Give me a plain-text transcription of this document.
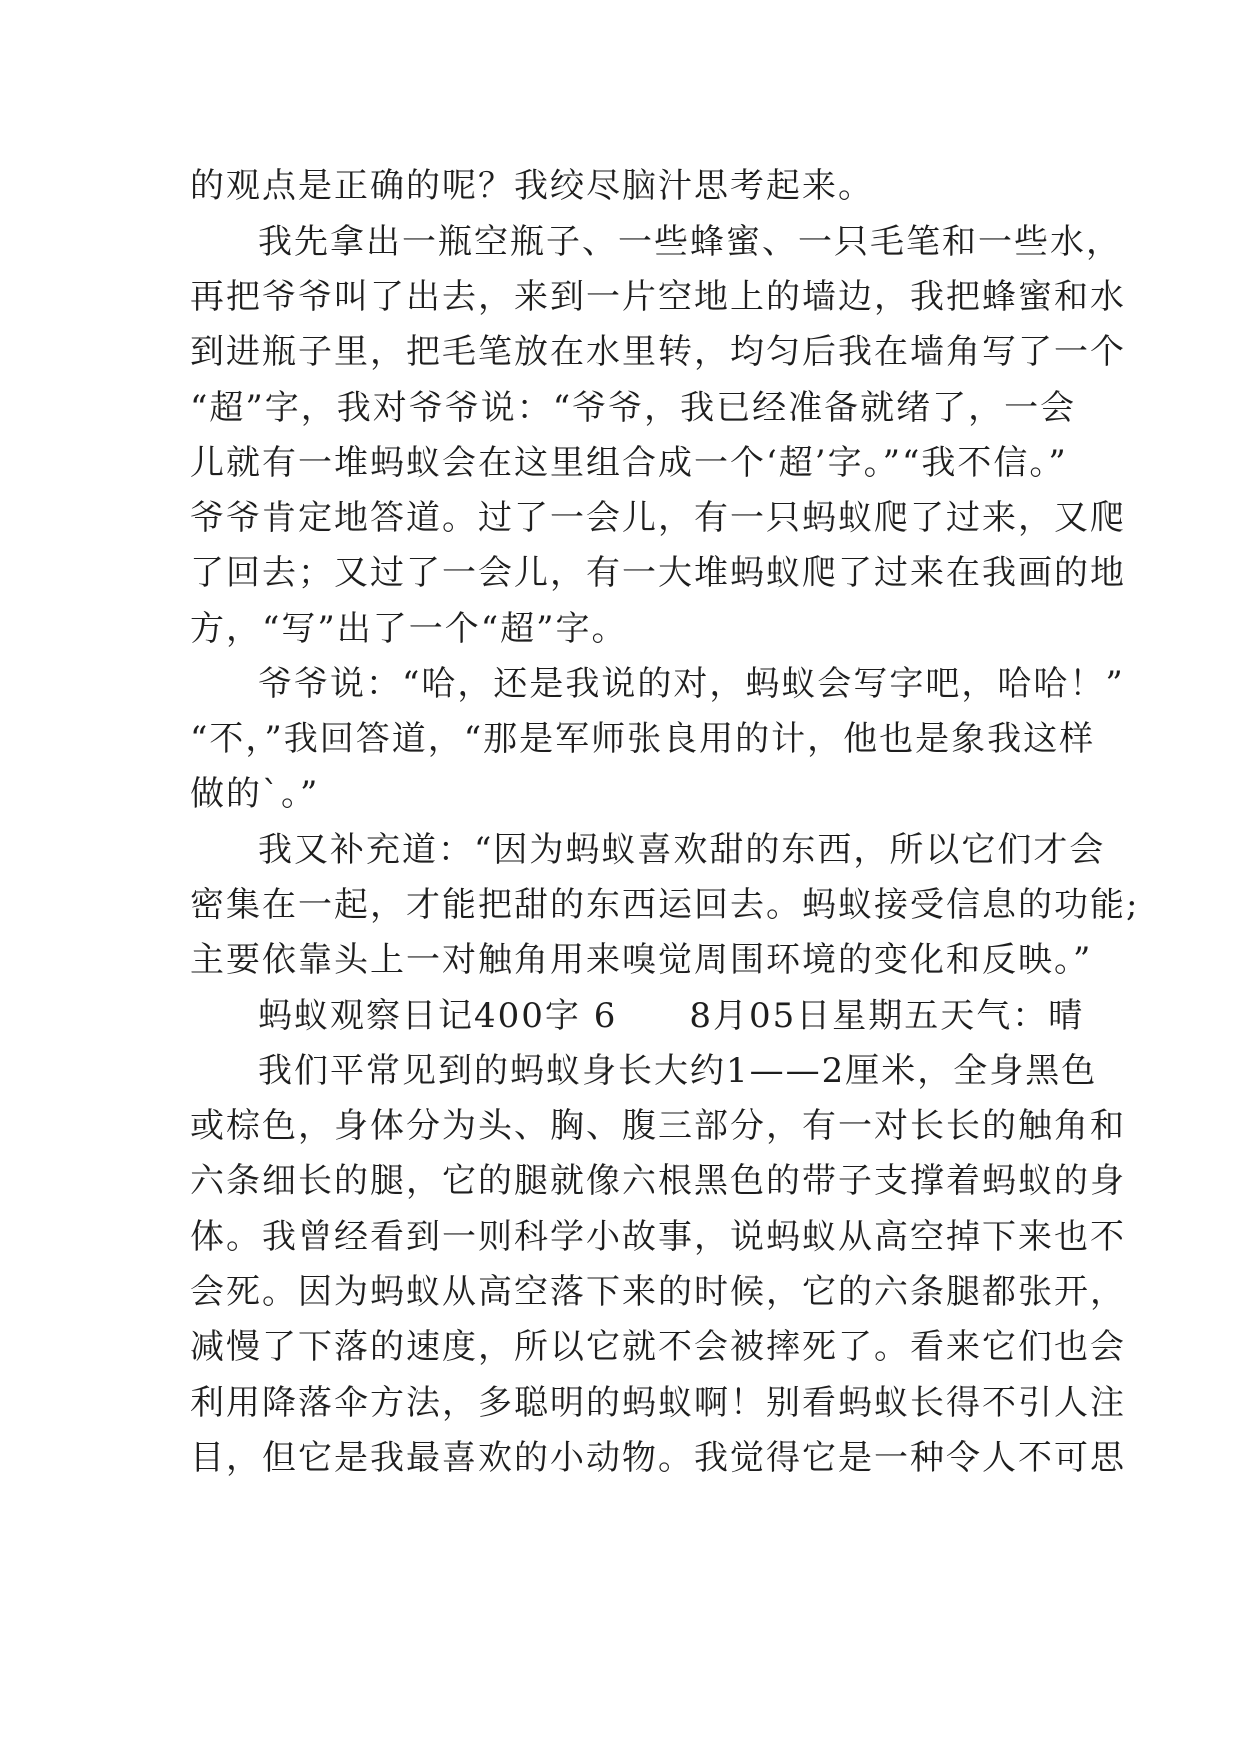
的观点是正确的呢？我绞尽脑汁思考起来。
我先拿出一瓶空瓶子、一些蜂蜜、一只毛笔和一些水，
再把爷爷叫了出去，来到一片空地上的墙边，我把蜂蜜和水
到进瓶子里，把毛笔放在水里转，均匀后我在墙角写了一个
“超”字，我对爷爷说：“爷爷，我已经准备就绪了，一会
儿就有一堆蚂蚁会在这里组合成一个‘超’字。”“我不信。”
爷爷肯定地答道。过了一会儿，有一只蚂蚁爬了过来，又爬
了回去；又过了一会儿，有一大堆蚂蚁爬了过来在我画的地
方，“写”出了一个“超”字。
爷爷说：“哈，还是我说的对，蚂蚁会写字吧，哈哈！”
“不，”我回答道，“那是军师张良用的计，他也是象我这样
做的`。”
我又补充道：“因为蚂蚁喜欢甜的东西，所以它们才会
密集在一起，才能把甜的东西运回去。蚂蚁接受信息的功能;
主要依靠头上一对触角用来嗅觉周围环境的变化和反映。”
蚂蚁观察日记400字 6　　8月05日星期五天气：晴
我们平常见到的蚂蚁身长大约1——2厘米，全身黑色
或棕色，身体分为头、胸、腹三部分，有一对长长的触角和
六条细长的腿，它的腿就像六根黑色的带子支撑着蚂蚁的身
体。我曾经看到一则科学小故事，说蚂蚁从高空掉下来也不
会死。因为蚂蚁从高空落下来的时候，它的六条腿都张开，
减慢了下落的速度，所以它就不会被摔死了。看来它们也会
利用降落伞方法，多聪明的蚂蚁啊！别看蚂蚁长得不引人注
目，但它是我最喜欢的小动物。我觉得它是一种令人不可思
